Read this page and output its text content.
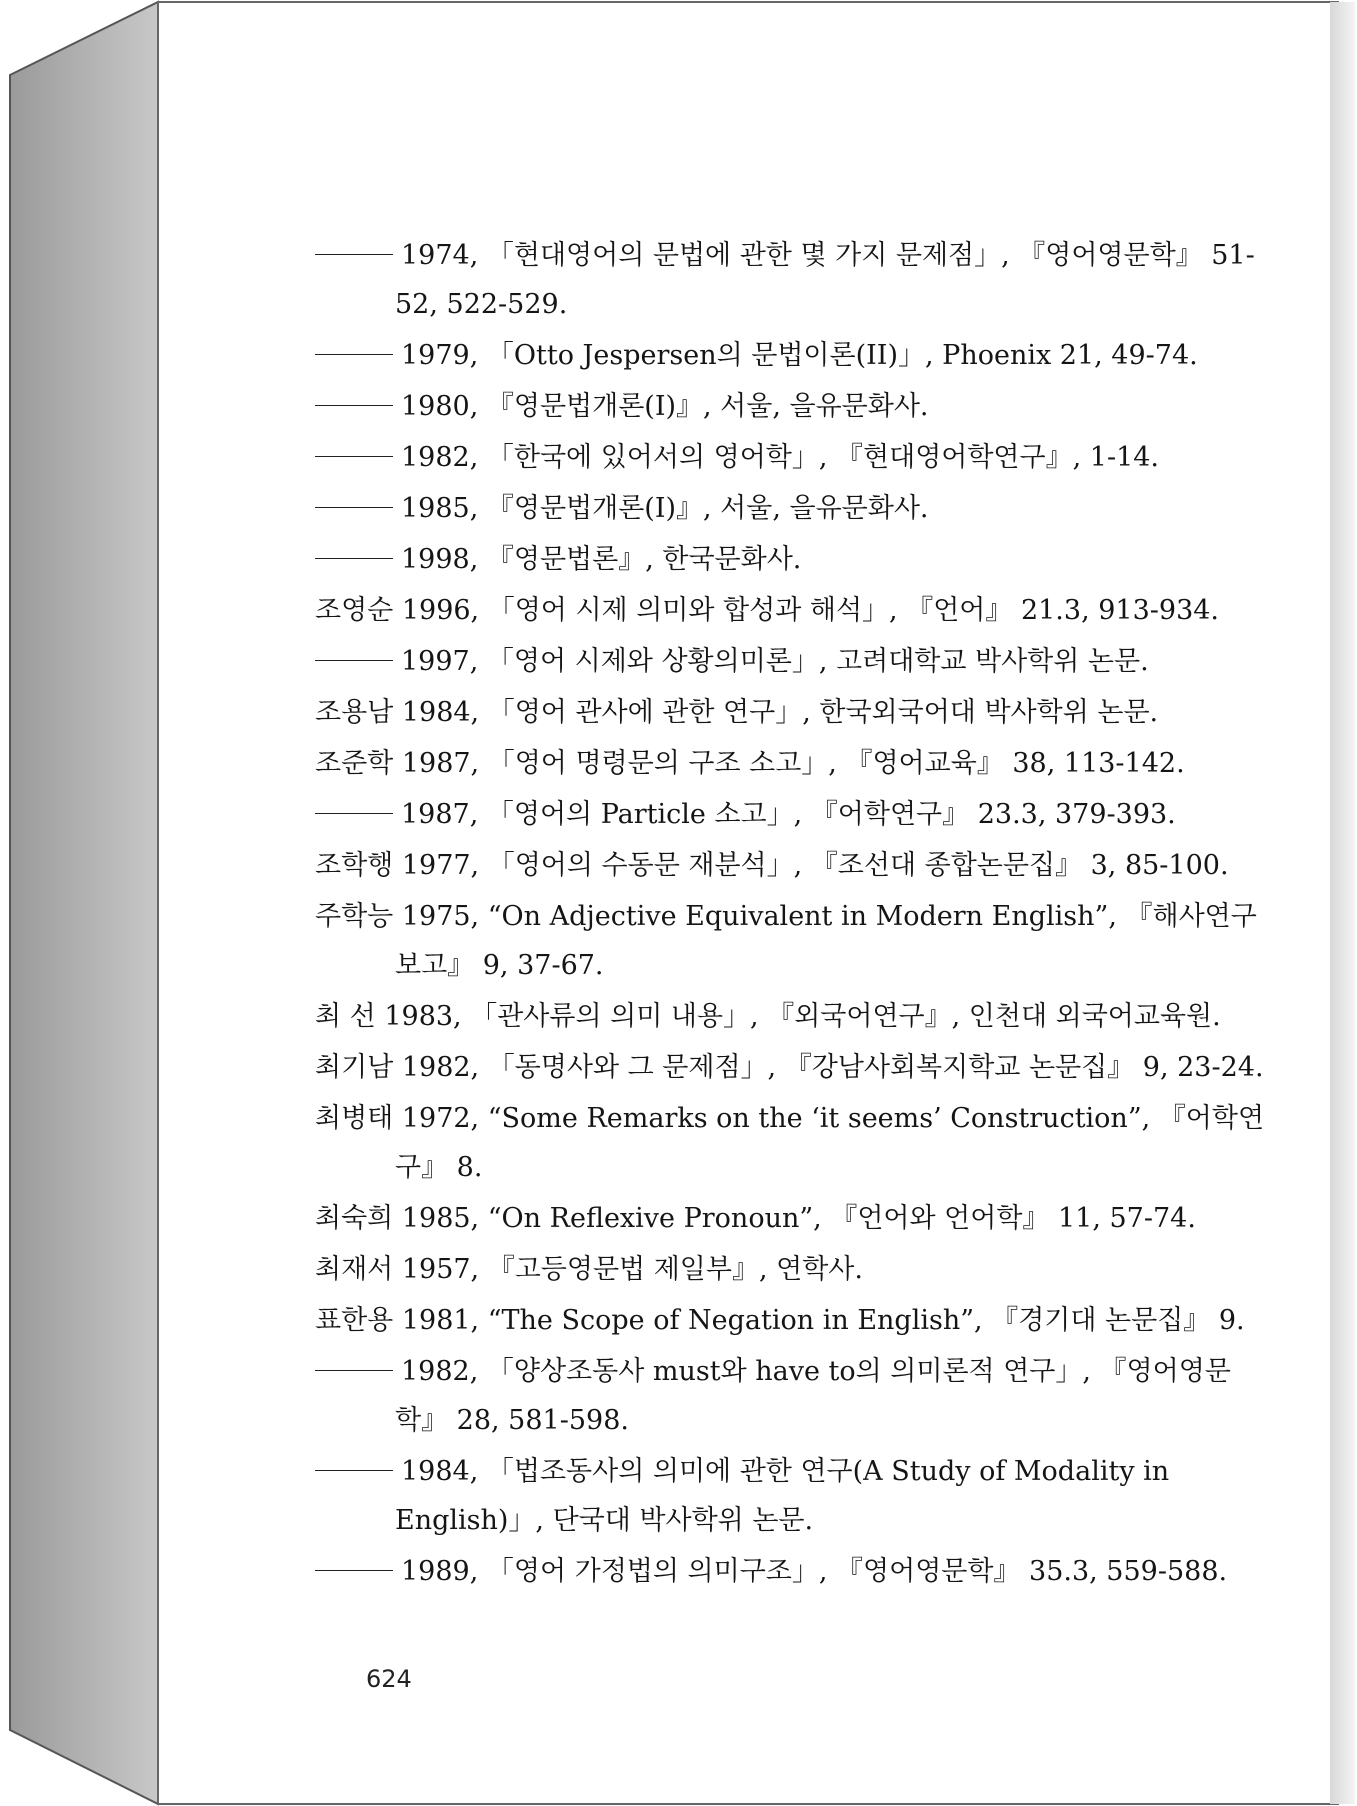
1974, 「현대영어의 문법에 관한 몇 가지 문제점」, 『영어영문학』 51-
52, 522-529.
1979, 「Otto Jespersen의 문법이론(II)」, Phoenix 21, 49-74.
1980, 『영문법개론(I)』, 서울, 을유문화사.
1982, 「한국에 있어서의 영어학」, 『현대영어학연구』, 1-14.
1985, 『영문법개론(I)』, 서울, 을유문화사.
1998, 『영문법론』, 한국문화사.
조영순 1996, 「영어 시제 의미와 합성과 해석」, 『언어』 21.3, 913-934.
1997, 「영어 시제와 상황의미론」, 고려대학교 박사학위 논문.
조용남 1984, 「영어 관사에 관한 연구」, 한국외국어대 박사학위 논문.
조준학 1987, 「영어 명령문의 구조 소고」, 『영어교육』 38, 113-142.
1987, 「영어의 Particle 소고」, 『어학연구』 23.3, 379-393.
조학행 1977, 「영어의 수동문 재분석」, 『조선대 종합논문집』 3, 85-100.
주학능 1975, “On Adjective Equivalent in Modern English”, 『해사연구
보고』 9, 37-67.
최 선 1983, 「관사류의 의미 내용」, 『외국어연구』, 인천대 외국어교육원.
최기남 1982, 「동명사와 그 문제점」, 『강남사회복지학교 논문집』 9, 23-24.
최병태 1972, “Some Remarks on the ‘it seems’ Construction”, 『어학연
구』 8.
최숙희 1985, “On Reflexive Pronoun”, 『언어와 언어학』 11, 57-74.
최재서 1957, 『고등영문법 제일부』, 연학사.
표한용 1981, “The Scope of Negation in English”, 『경기대 논문집』 9.
1982, 「양상조동사 must와 have to의 의미론적 연구」, 『영어영문
학』 28, 581-598.
1984, 「법조동사의 의미에 관한 연구(A Study of Modality in
English)」, 단국대 박사학위 논문.
1989, 「영어 가정법의 의미구조」, 『영어영문학』 35.3, 559-588.
624
